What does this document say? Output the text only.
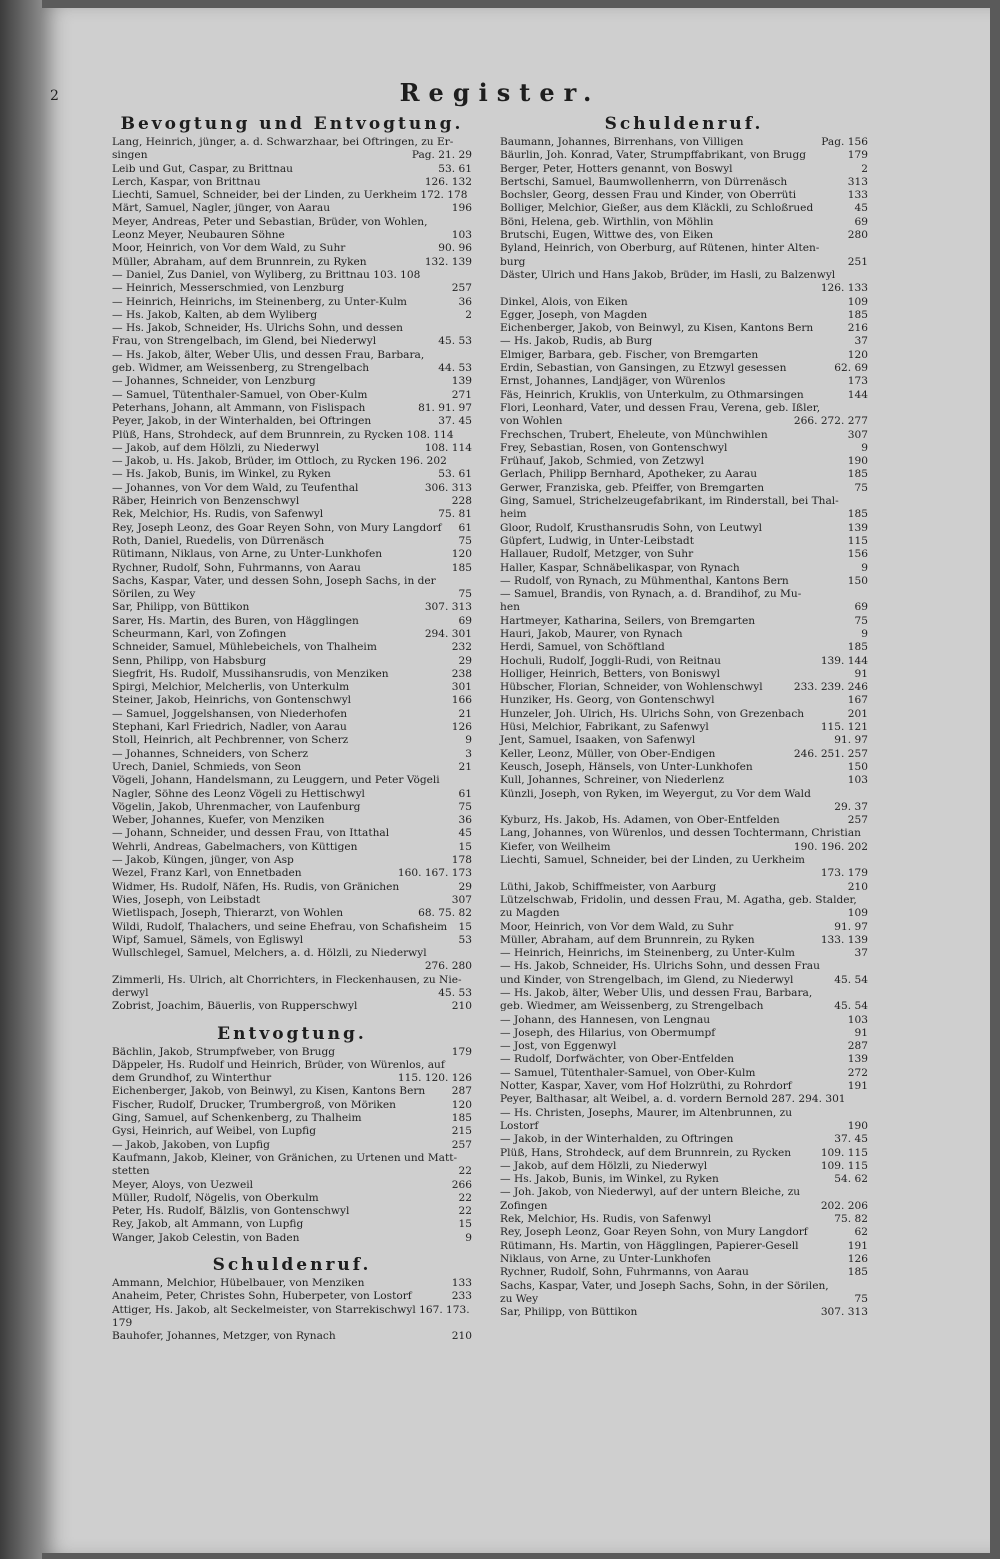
2	Register.
Bevogtung und Entvogtung.
Lang, Heinrich, jünger, a. d. Schwarzhaar, bei Oftringen, zu Er-
singen	Pag. 21. 29
Leib und Gut, Caspar, zu Brittnau	53. 61
Lerch, Kaspar, von Brittnau	126. 132
Liechti, Samuel, Schneider, bei der Linden, zu Uerkheim 172. 178
Märt, Samuel, Nagler, jünger, von Aarau	196
Meyer, Andreas, Peter und Sebastian, Brüder, von Wohlen,
Leonz Meyer, Neubauren Söhne	103
Moor, Heinrich, von Vor dem Wald, zu Suhr	90. 96
Müller, Abraham, auf dem Brunnrein, zu Ryken	132. 139
— Daniel, Zus Daniel, von Wyliberg, zu Brittnau 103. 108
— Heinrich, Messerschmied, von Lenzburg	257
— Heinrich, Heinrichs, im Steinenberg, zu Unter-Kulm	36
— Hs. Jakob, Kalten, ab dem Wyliberg	2
— Hs. Jakob, Schneider, Hs. Ulrichs Sohn, und dessen
Frau, von Strengelbach, im Glend, bei Niederwyl	45. 53
— Hs. Jakob, älter, Weber Ulis, und dessen Frau, Barbara,
geb. Widmer, am Weissenberg, zu Strengelbach	44. 53
— Johannes, Schneider, von Lenzburg	139
— Samuel, Tütenthaler-Samuel, von Ober-Kulm	271
Peterhans, Johann, alt Ammann, von Fislispach	81. 91. 97
Peyer, Jakob, in der Winterhalden, bei Oftringen	37. 45
Plüß, Hans, Strohdeck, auf dem Brunnrein, zu Rycken 108. 114
— Jakob, auf dem Hölzli, zu Niederwyl	108. 114
— Jakob, u. Hs. Jakob, Brüder, im Ottloch, zu Rycken 196. 202
— Hs. Jakob, Bunis, im Winkel, zu Ryken	53. 61
— Johannes, von Vor dem Wald, zu Teufenthal	306. 313
Räber, Heinrich von Benzenschwyl	228
Rek, Melchior, Hs. Rudis, von Safenwyl	75. 81
Rey, Joseph Leonz, des Goar Reyen Sohn, von Mury Langdorf	61
Roth, Daniel, Ruedelis, von Dürrenäsch	75
Rütimann, Niklaus, von Arne, zu Unter-Lunkhofen	120
Rychner, Rudolf, Sohn, Fuhrmanns, von Aarau	185
Sachs, Kaspar, Vater, und dessen Sohn, Joseph Sachs, in der
Sörilen, zu Wey	75
Sar, Philipp, von Büttikon	307. 313
Sarer, Hs. Martin, des Buren, von Hägglingen	69
Scheurmann, Karl, von Zofingen	294. 301
Schneider, Samuel, Mühlebeichels, von Thalheim	232
Senn, Philipp, von Habsburg	29
Siegfrit, Hs. Rudolf, Mussihansrudis, von Menziken	238
Spirgi, Melchior, Melcherlis, von Unterkulm	301
Steiner, Jakob, Heinrichs, von Gontenschwyl	166
— Samuel, Joggelshansen, von Niederhofen	21
Stephani, Karl Friedrich, Nadler, von Aarau	126
Stoll, Heinrich, alt Pechbrenner, von Scherz	9
— Johannes, Schneiders, von Scherz	3
Urech, Daniel, Schmieds, von Seon	21
Vögeli, Johann, Handelsmann, zu Leuggern, und Peter Vögeli
Nagler, Söhne des Leonz Vögeli zu Hettischwyl	61
Vögelin, Jakob, Uhrenmacher, von Laufenburg	75
Weber, Johannes, Kuefer, von Menziken	36
— Johann, Schneider, und dessen Frau, von Ittathal	45
Wehrli, Andreas, Gabelmachers, von Küttigen	15
— Jakob, Küngen, jünger, von Asp	178
Wezel, Franz Karl, von Ennetbaden	160. 167. 173
Widmer, Hs. Rudolf, Näfen, Hs. Rudis, von Gränichen	29
Wies, Joseph, von Leibstadt	307
Wietlispach, Joseph, Thierarzt, von Wohlen	68. 75. 82
Wildi, Rudolf, Thalachers, und seine Ehefrau, von Schafisheim	15
Wipf, Samuel, Sämels, von Egliswyl	53
Wullschlegel, Samuel, Melchers, a. d. Hölzli, zu Niederwyl

276. 280
Zimmerli, Hs. Ulrich, alt Chorrichters, in Fleckenhausen, zu Nie-
derwyl	45. 53
Zobrist, Joachim, Bäuerlis, von Rupperschwyl	210
Entvogtung.
Bächlin, Jakob, Strumpfweber, von Brugg	179
Däppeler, Hs. Rudolf und Heinrich, Brüder, von Würenlos, auf
dem Grundhof, zu Winterthur	115. 120. 126
Eichenberger, Jakob, von Beinwyl, zu Kisen, Kantons Bern	287
Fischer, Rudolf, Drucker, Trumbergroß, von Möriken	120
Ging, Samuel, auf Schenkenberg, zu Thalheim	185
Gysi, Heinrich, auf Weibel, von Lupfig	215
— Jakob, Jakoben, von Lupfig	257
Kaufmann, Jakob, Kleiner, von Gränichen, zu Urtenen und Matt-
stetten	22
Meyer, Aloys, von Uezweil	266
Müller, Rudolf, Nögelis, von Oberkulm	22
Peter, Hs. Rudolf, Bälzlis, von Gontenschwyl	22
Rey, Jakob, alt Ammann, von Lupfig	15
Wanger, Jakob Celestin, von Baden	9
Schuldenruf.
Ammann, Melchior, Hübelbauer, von Menziken	133
Anaheim, Peter, Christes Sohn, Huberpeter, von Lostorf	233
Attiger, Hs. Jakob, alt Seckelmeister, von Starrekischwyl 167. 173. 179
Bauhofer, Johannes, Metzger, von Rynach	210
Schuldenruf.
Baumann, Johannes, Birrenhans, von Villigen	Pag. 156
Bäurlin, Joh. Konrad, Vater, Strumpffabrikant, von Brugg	179
Berger, Peter, Hotters genannt, von Boswyl	2
Bertschi, Samuel, Baumwollenherrn, von Dürrenäsch	313
Bochsler, Georg, dessen Frau und Kinder, von Oberrüti	133
Bolliger, Melchior, Gießer, aus dem Kläckli, zu Schloßrued	45
Böni, Helena, geb. Wirthlin, von Möhlin	69
Brutschi, Eugen, Wittwe des, von Eiken	280
Byland, Heinrich, von Oberburg, auf Rütenen, hinter Alten-
burg	251
Däster, Ulrich und Hans Jakob, Brüder, im Hasli, zu Balzenwyl

126. 133
Dinkel, Alois, von Eiken	109
Egger, Joseph, von Magden	185
Eichenberger, Jakob, von Beinwyl, zu Kisen, Kantons Bern	216
— Hs. Jakob, Rudis, ab Burg	37
Elmiger, Barbara, geb. Fischer, von Bremgarten	120
Erdin, Sebastian, von Gansingen, zu Etzwyl gesessen	62. 69
Ernst, Johannes, Landjäger, von Würenlos	173
Fäs, Heinrich, Kruklis, von Unterkulm, zu Othmarsingen	144
Flori, Leonhard, Vater, und dessen Frau, Verena, geb. Ißler,
von Wohlen	266. 272. 277
Frechschen, Trubert, Eheleute, von Münchwihlen	307
Frey, Sebastian, Rosen, von Gontenschwyl	9
Frühauf, Jakob, Schmied, von Zetzwyl	190
Gerlach, Philipp Bernhard, Apotheker, zu Aarau	185
Gerwer, Franziska, geb. Pfeiffer, von Bremgarten	75
Ging, Samuel, Strichelzeugefabrikant, im Rinderstall, bei Thal-
heim	185
Gloor, Rudolf, Krusthansrudis Sohn, von Leutwyl	139
Güpfert, Ludwig, in Unter-Leibstadt	115
Hallauer, Rudolf, Metzger, von Suhr	156
Haller, Kaspar, Schnäbelikaspar, von Rynach	9
— Rudolf, von Rynach, zu Mühmenthal, Kantons Bern	150
— Samuel, Brandis, von Rynach, a. d. Brandihof, zu Mu-
hen	69
Hartmeyer, Katharina, Seilers, von Bremgarten	75
Hauri, Jakob, Maurer, von Rynach	9
Herdi, Samuel, von Schöftland	185
Hochuli, Rudolf, Joggli-Rudi, von Reitnau	139. 144
Holliger, Heinrich, Betters, von Boniswyl	91
Hübscher, Florian, Schneider, von Wohlenschwyl	233. 239. 246
Hunziker, Hs. Georg, von Gontenschwyl	167
Hunzeler, Joh. Ulrich, Hs. Ulrichs Sohn, von Grezenbach	201
Hüsi, Melchior, Fabrikant, zu Safenwyl	115. 121
Jent, Samuel, Isaaken, von Safenwyl	91. 97
Keller, Leonz, Müller, von Ober-Endigen	246. 251. 257
Keusch, Joseph, Hänsels, von Unter-Lunkhofen	150
Kull, Johannes, Schreiner, von Niederlenz	103
Künzli, Joseph, von Ryken, im Weyergut, zu Vor dem Wald

29. 37
Kyburz, Hs. Jakob, Hs. Adamen, von Ober-Entfelden	257
Lang, Johannes, von Würenlos, und dessen Tochtermann, Christian
Kiefer, von Weilheim	190. 196. 202
Liechti, Samuel, Schneider, bei der Linden, zu Uerkheim

173. 179
Lüthi, Jakob, Schiffmeister, von Aarburg	210
Lützelschwab, Fridolin, und dessen Frau, M. Agatha, geb. Stalder,
zu Magden	109
Moor, Heinrich, von Vor dem Wald, zu Suhr	91. 97
Müller, Abraham, auf dem Brunnrein, zu Ryken	133. 139
— Heinrich, Heinrichs, im Steinenberg, zu Unter-Kulm	37
— Hs. Jakob, Schneider, Hs. Ulrichs Sohn, und dessen Frau
und Kinder, von Strengelbach, im Glend, zu Niederwyl	45. 54
— Hs. Jakob, älter, Weber Ulis, und dessen Frau, Barbara,
geb. Wiedmer, am Weissenberg, zu Strengelbach	45. 54
— Johann, des Hannesen, von Lengnau	103
— Joseph, des Hilarius, von Obermumpf	91
— Jost, von Eggenwyl	287
— Rudolf, Dorfwächter, von Ober-Entfelden	139
— Samuel, Tütenthaler-Samuel, von Ober-Kulm	272
Notter, Kaspar, Xaver, vom Hof Holzrüthi, zu Rohrdorf	191
Peyer, Balthasar, alt Weibel, a. d. vordern Bernold 287. 294. 301
— Hs. Christen, Josephs, Maurer, im Altenbrunnen, zu
Lostorf	190
— Jakob, in der Winterhalden, zu Oftringen	37. 45
Plüß, Hans, Strohdeck, auf dem Brunnrein, zu Rycken	109. 115
— Jakob, auf dem Hölzli, zu Niederwyl	109. 115
— Hs. Jakob, Bunis, im Winkel, zu Ryken	54. 62
— Joh. Jakob, von Niederwyl, auf der untern Bleiche, zu
Zofingen	202. 206
Rek, Melchior, Hs. Rudis, von Safenwyl	75. 82
Rey, Joseph Leonz, Goar Reyen Sohn, von Mury Langdorf	62
Rütimann, Hs. Martin, von Hägglingen, Papierer-Gesell	191
Niklaus, von Arne, zu Unter-Lunkhofen	126
Rychner, Rudolf, Sohn, Fuhrmanns, von Aarau	185
Sachs, Kaspar, Vater, und Joseph Sachs, Sohn, in der Sörilen,
zu Wey	75
Sar, Philipp, von Büttikon	307. 313
